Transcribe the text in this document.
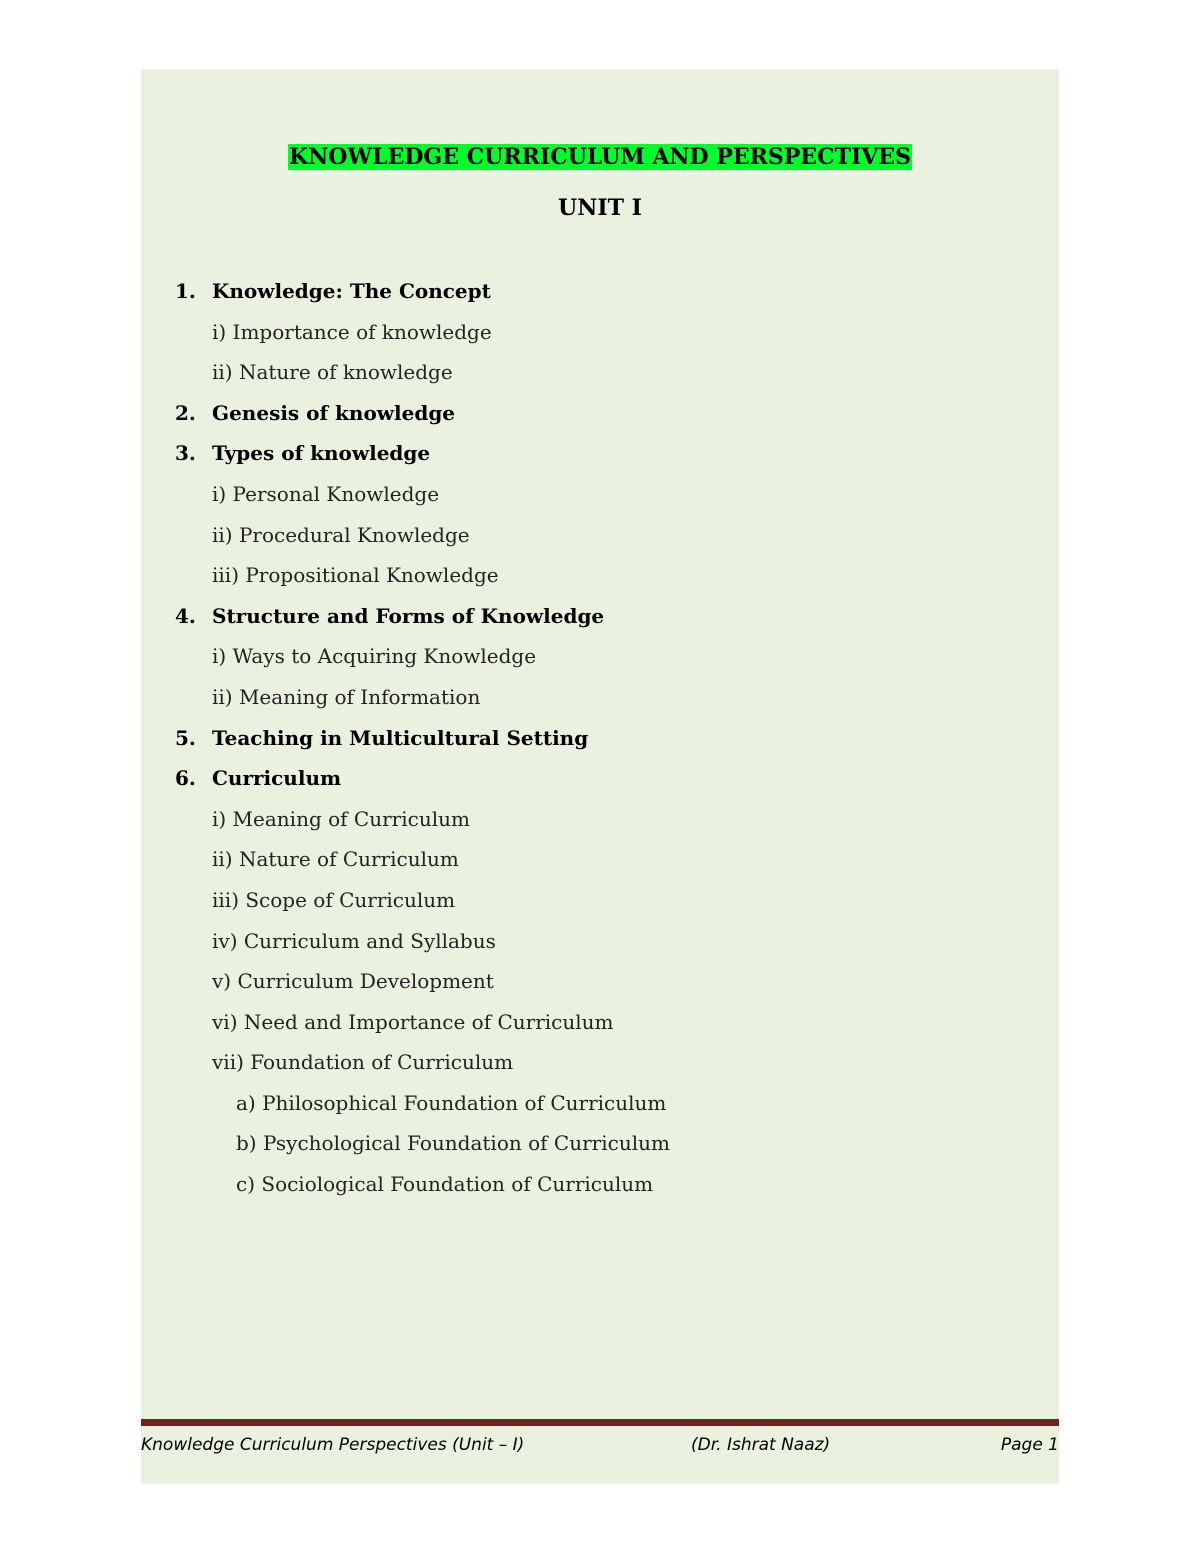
KNOWLEDGE CURRICULUM AND PERSPECTIVES
UNIT I
1. Knowledge: The Concept
i) Importance of knowledge
ii) Nature of knowledge
2. Genesis of knowledge
3. Types of knowledge
i) Personal Knowledge
ii) Procedural Knowledge
iii) Propositional Knowledge
4. Structure and Forms of Knowledge
i) Ways to Acquiring Knowledge
ii) Meaning of Information
5. Teaching in Multicultural Setting
6. Curriculum
i) Meaning of Curriculum
ii) Nature of Curriculum
iii) Scope of Curriculum
iv) Curriculum and Syllabus
v) Curriculum Development
vi) Need and Importance of Curriculum
vii) Foundation of Curriculum
a) Philosophical Foundation of Curriculum
b) Psychological Foundation of Curriculum
c) Sociological Foundation of Curriculum
Knowledge Curriculum Perspectives (Unit – I)	(Dr. Ishrat Naaz)	Page 1
